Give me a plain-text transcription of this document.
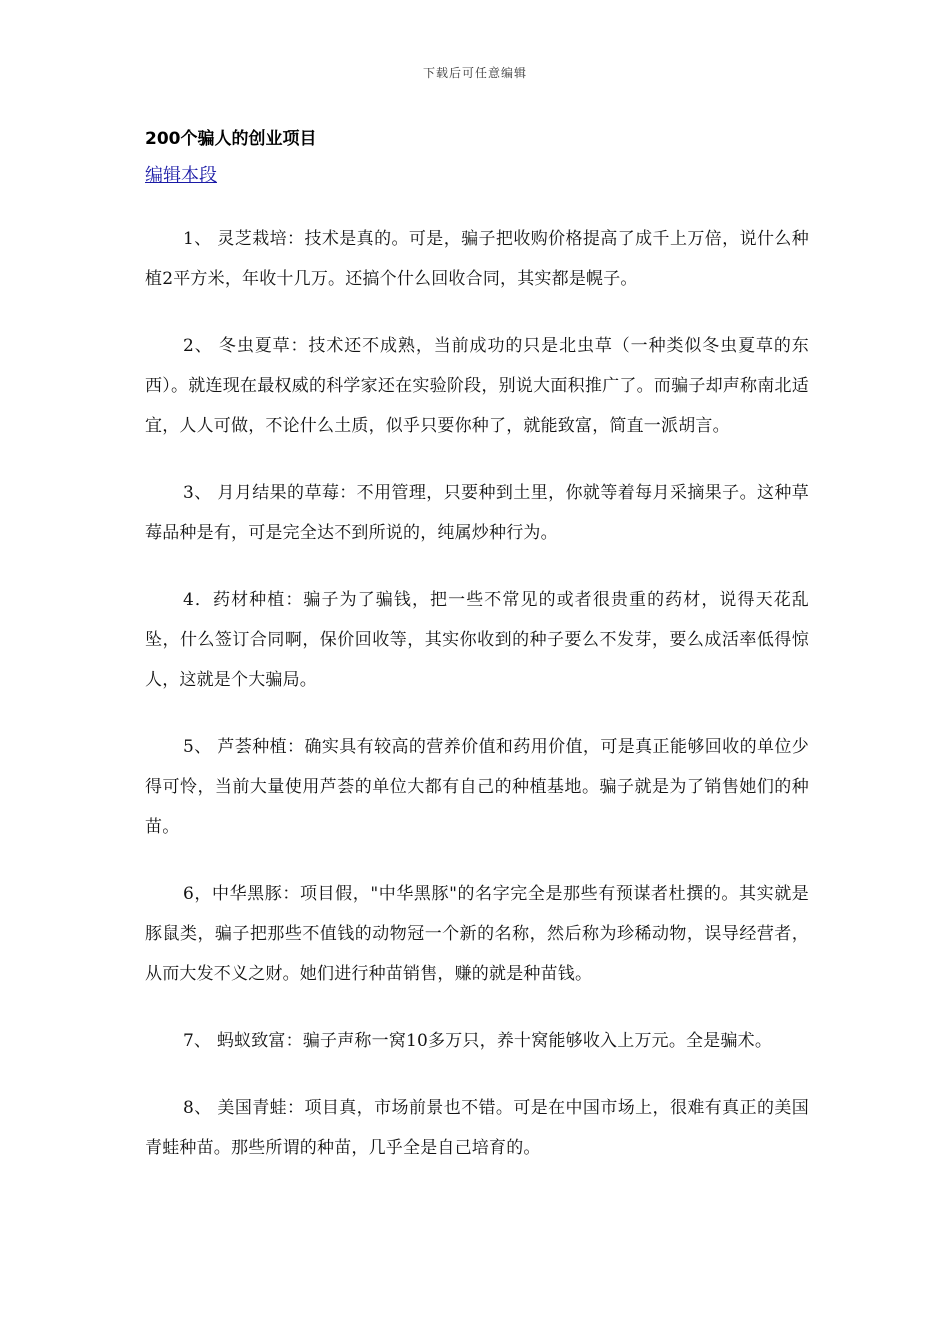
下载后可任意编辑
200个骗人的创业项目
编辑本段

1、 灵芝栽培：技术是真的。可是，骗子把收购价格提高了成千上万倍，说什么种植2平方米，年收十几万。还搞个什么回收合同，其实都是幌子。

2、 冬虫夏草：技术还不成熟，当前成功的只是北虫草（一种类似冬虫夏草的东西）。就连现在最权威的科学家还在实验阶段，别说大面积推广了。而骗子却声称南北适宜，人人可做，不论什么土质，似乎只要你种了，就能致富，简直一派胡言。

3、 月月结果的草莓：不用管理，只要种到土里，你就等着每月采摘果子。这种草莓品种是有，可是完全达不到所说的，纯属炒种行为。

4．药材种植：骗子为了骗钱，把一些不常见的或者很贵重的药材，说得天花乱坠，什么签订合同啊，保价回收等，其实你收到的种子要么不发芽，要么成活率低得惊人，这就是个大骗局。

5、 芦荟种植：确实具有较高的营养价值和药用价值，可是真正能够回收的单位少得可怜，当前大量使用芦荟的单位大都有自己的种植基地。骗子就是为了销售她们的种苗。

6，中华黑豚：项目假，"中华黑豚"的名字完全是那些有预谋者杜撰的。其实就是豚鼠类，骗子把那些不值钱的动物冠一个新的名称，然后称为珍稀动物，误导经营者，从而大发不义之财。她们进行种苗销售，赚的就是种苗钱。

7、 蚂蚁致富：骗子声称一窝10多万只，养十窝能够收入上万元。全是骗术。

8、 美国青蛙：项目真，市场前景也不错。可是在中国市场上，很难有真正的美国青蛙种苗。那些所谓的种苗，几乎全是自己培育的。
